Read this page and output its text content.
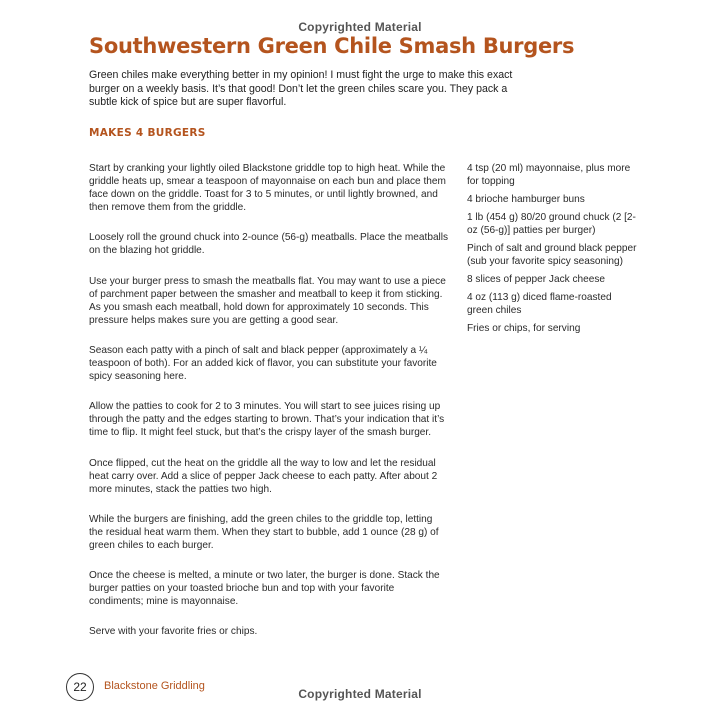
Copyrighted Material
Southwestern Green Chile Smash Burgers
Green chiles make everything better in my opinion! I must fight the urge to make this exact burger on a weekly basis. It’s that good! Don’t let the green chiles scare you. They pack a subtle kick of spice but are super flavorful.
MAKES 4 BURGERS

Start by cranking your lightly oiled Blackstone griddle top to high heat. While the griddle heats up, smear a teaspoon of mayonnaise on each bun and place them face down on the griddle. Toast for 3 to 5 minutes, or until lightly browned, and then remove them from the griddle.

Loosely roll the ground chuck into 2-ounce (56-g) meatballs. Place the meatballs on the blazing hot griddle.

Use your burger press to smash the meatballs flat. You may want to use a piece of parchment paper between the smasher and meatball to keep it from sticking. As you smash each meatball, hold down for approximately 10 seconds. This pressure helps makes sure you are getting a good sear.

Season each patty with a pinch of salt and black pepper (approximately a ¼ teaspoon of both). For an added kick of flavor, you can substitute your favorite spicy seasoning here.

Allow the patties to cook for 2 to 3 minutes. You will start to see juices rising up through the patty and the edges starting to brown. That’s your indication that it’s time to flip. It might feel stuck, but that’s the crispy layer of the smash burger.

Once flipped, cut the heat on the griddle all the way to low and let the residual heat carry over. Add a slice of pepper Jack cheese to each patty. After about 2 more minutes, stack the patties two high.

While the burgers are finishing, add the green chiles to the griddle top, letting the residual heat warm them. When they start to bubble, add 1 ounce (28 g) of green chiles to each burger.

Once the cheese is melted, a minute or two later, the burger is done. Stack the burger patties on your toasted brioche bun and top with your favorite condiments; mine is mayonnaise.

Serve with your favorite fries or chips.

4 tsp (20 ml) mayonnaise, plus more for topping

4 brioche hamburger buns

1 lb (454 g) 80/20 ground chuck (2 [2-oz (56-g)] patties per burger)

Pinch of salt and ground black pepper (sub your favorite spicy seasoning)

8 slices of pepper Jack cheese

4 oz (113 g) diced flame-roasted green chiles

Fries or chips, for serving

22	Blackstone Griddling
Copyrighted Material
